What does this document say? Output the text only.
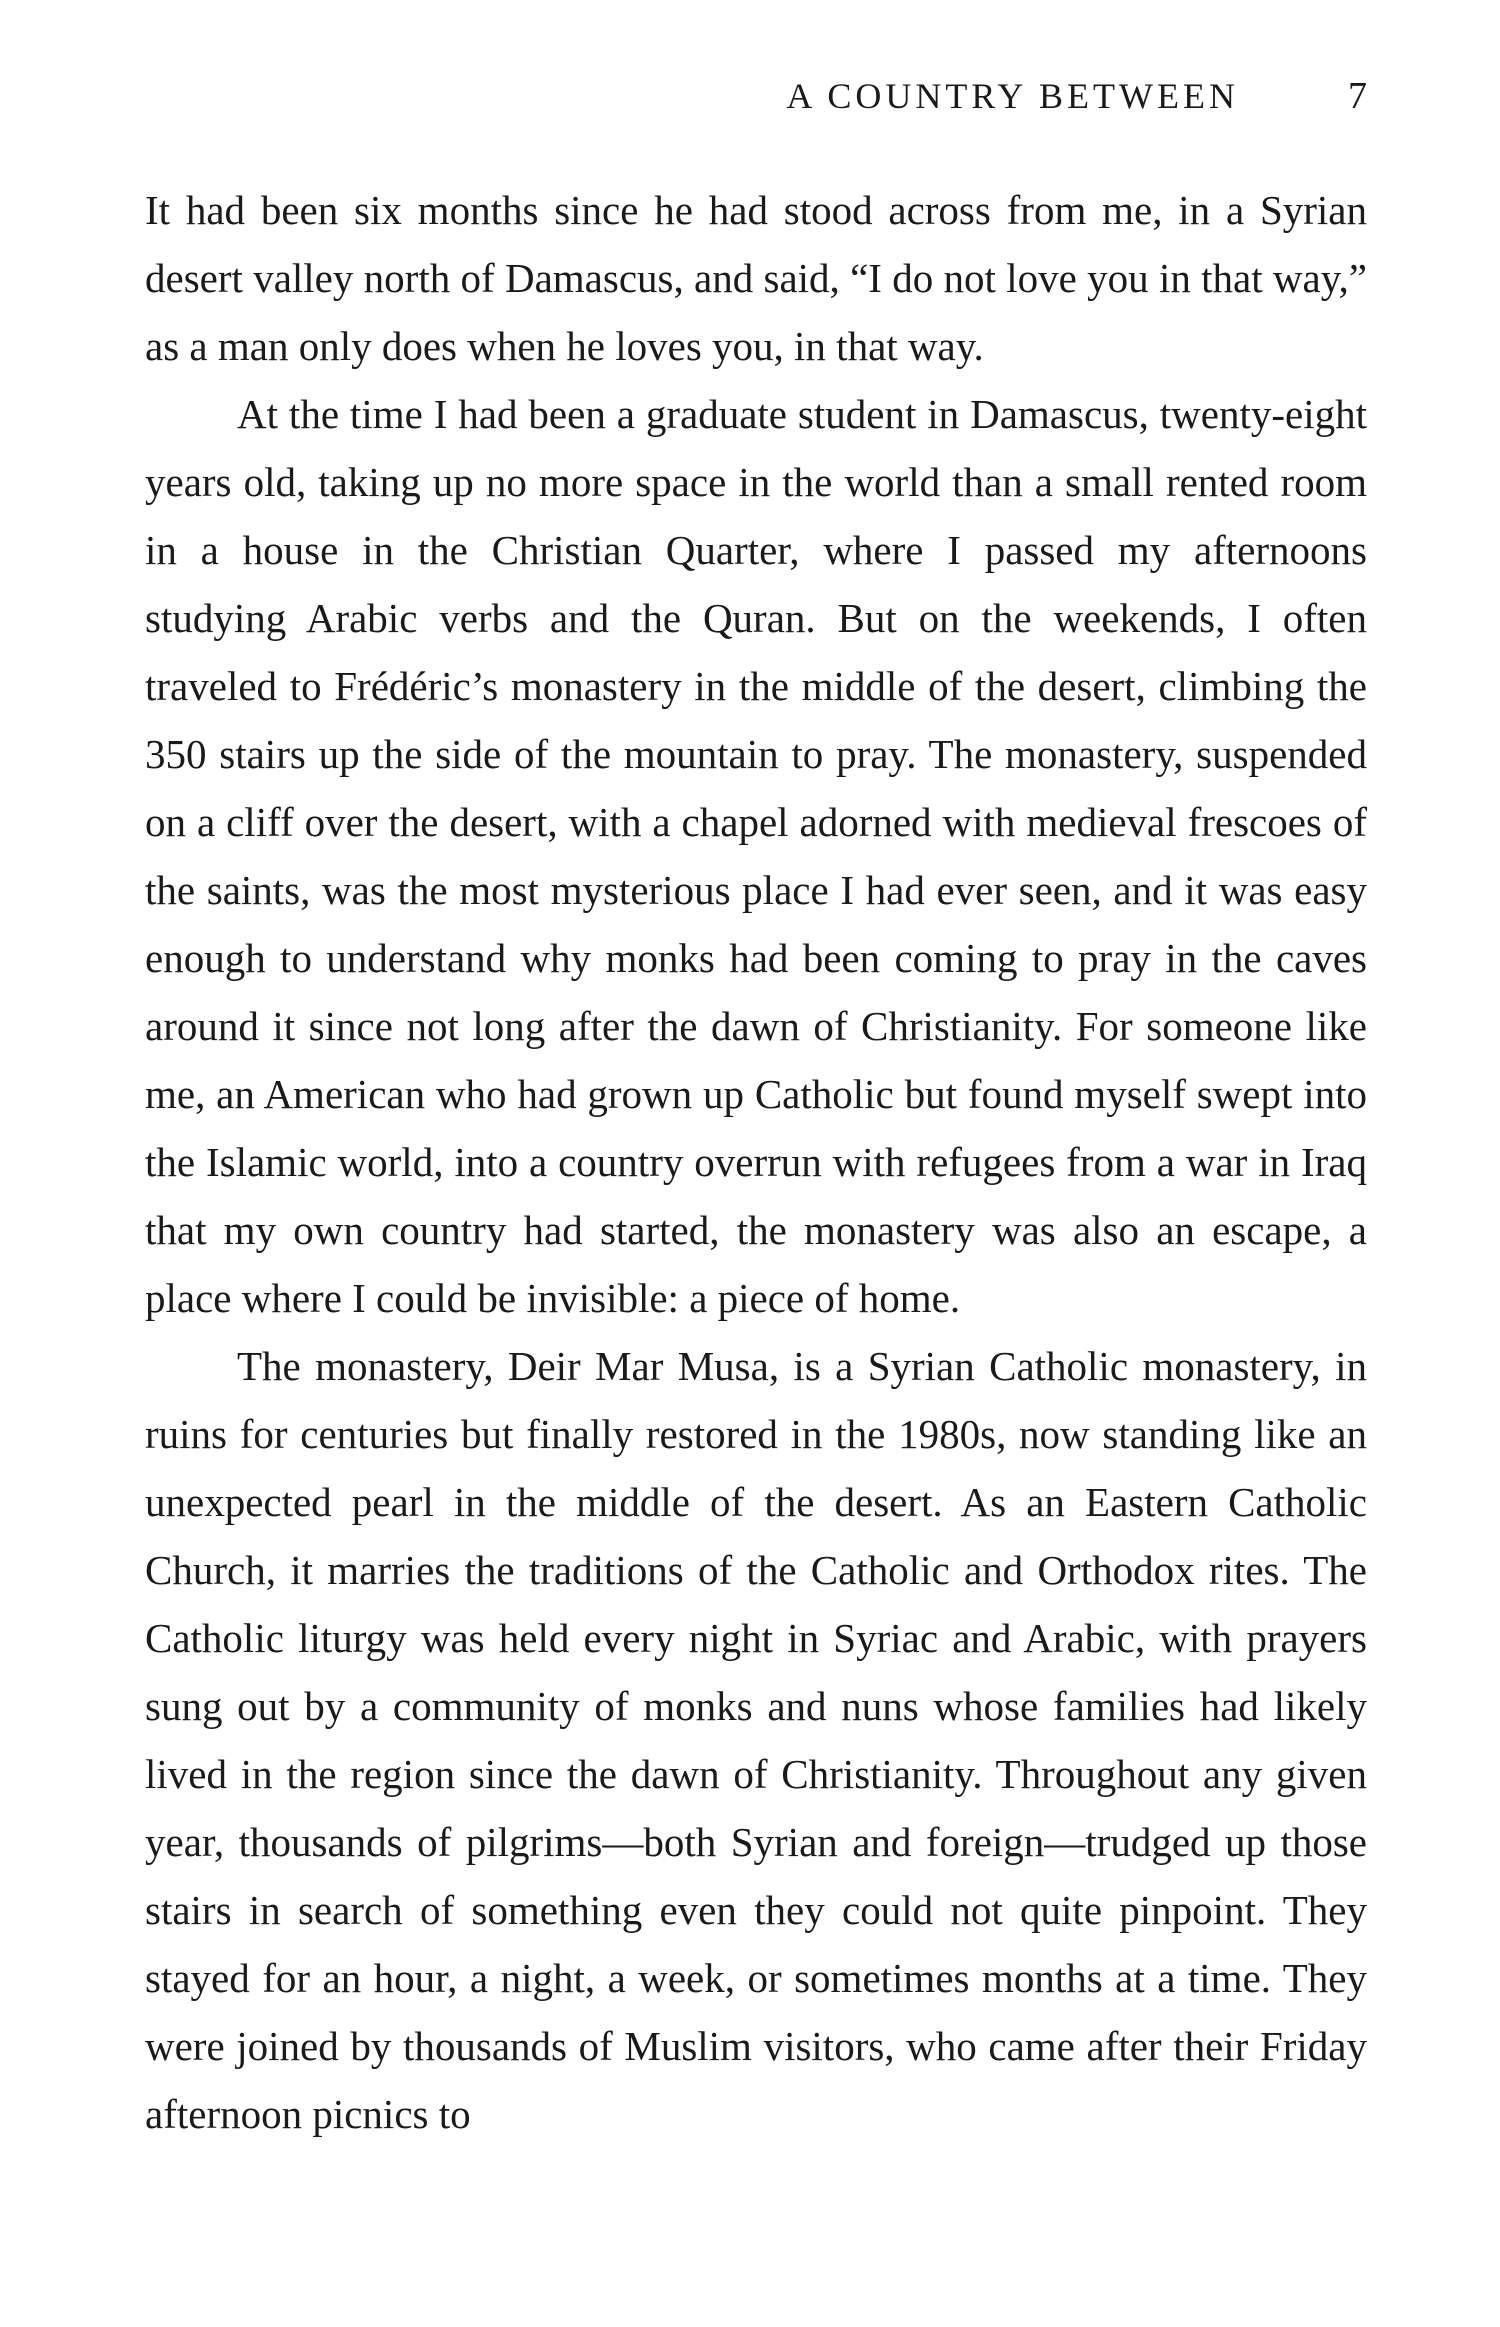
A COUNTRY BETWEEN	7

It had been six months since he had stood across from me, in a Syrian desert valley north of Damascus, and said, “I do not love you in that way,” as a man only does when he loves you, in that way.

At the time I had been a graduate student in Damascus, twenty-eight years old, taking up no more space in the world than a small rented room in a house in the Christian Quarter, where I passed my afternoons studying Arabic verbs and the Quran. But on the weekends, I often traveled to Frédéric’s monastery in the middle of the desert, climbing the 350 stairs up the side of the mountain to pray. The monastery, suspended on a cliff over the desert, with a chapel adorned with medieval frescoes of the saints, was the most mysterious place I had ever seen, and it was easy enough to understand why monks had been coming to pray in the caves around it since not long after the dawn of Christianity. For someone like me, an American who had grown up Catholic but found myself swept into the Islamic world, into a country overrun with refugees from a war in Iraq that my own country had started, the monastery was also an escape, a place where I could be invisible: a piece of home.

The monastery, Deir Mar Musa, is a Syrian Catholic monastery, in ruins for centuries but finally restored in the 1980s, now standing like an unexpected pearl in the middle of the desert. As an Eastern Catholic Church, it marries the traditions of the Catholic and Orthodox rites. The Catholic liturgy was held every night in Syriac and Arabic, with prayers sung out by a community of monks and nuns whose families had likely lived in the region since the dawn of Christianity. Throughout any given year, thousands of pilgrims—both Syrian and foreign—trudged up those stairs in search of something even they could not quite pinpoint. They stayed for an hour, a night, a week, or sometimes months at a time. They were joined by thousands of Muslim visitors, who came after their Friday afternoon picnics to
